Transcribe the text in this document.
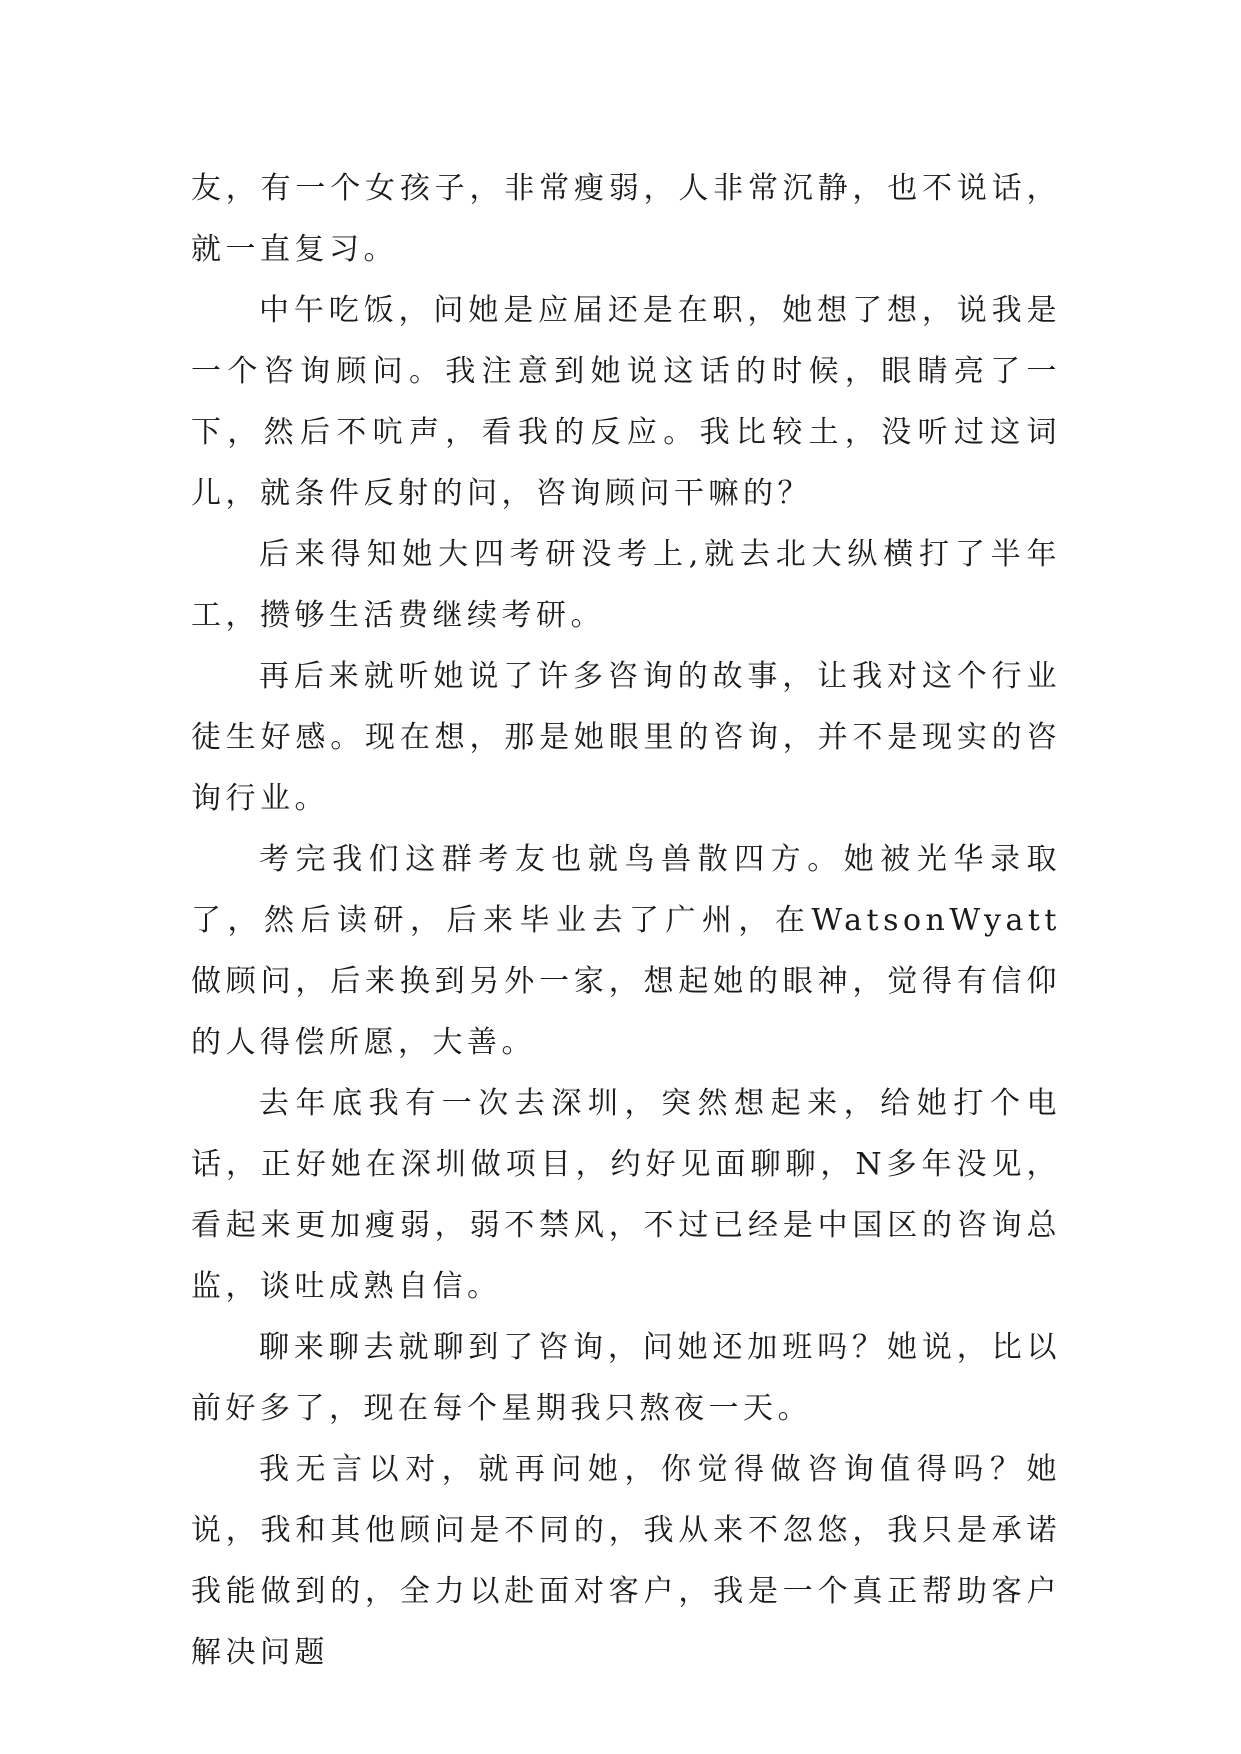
友，有一个女孩子，非常瘦弱，人非常沉静，也不说话，就一直复习。

中午吃饭，问她是应届还是在职，她想了想，说我是一个咨询顾问。我注意到她说这话的时候，眼睛亮了一下，然后不吭声，看我的反应。我比较土，没听过这词儿，就条件反射的问，咨询顾问干嘛的？

后来得知她大四考研没考上,就去北大纵横打了半年工，攒够生活费继续考研。

再后来就听她说了许多咨询的故事，让我对这个行业徒生好感。现在想，那是她眼里的咨询，并不是现实的咨询行业。

考完我们这群考友也就鸟兽散四方。她被光华录取了，然后读研，后来毕业去了广州，在WatsonWyatt做顾问，后来换到另外一家，想起她的眼神，觉得有信仰的人得偿所愿，大善。

去年底我有一次去深圳，突然想起来，给她打个电话，正好她在深圳做项目，约好见面聊聊，N多年没见，看起来更加瘦弱，弱不禁风，不过已经是中国区的咨询总监，谈吐成熟自信。

聊来聊去就聊到了咨询，问她还加班吗？她说，比以前好多了，现在每个星期我只熬夜一天。

我无言以对，就再问她，你觉得做咨询值得吗？她说，我和其他顾问是不同的，我从来不忽悠，我只是承诺我能做到的，全力以赴面对客户，我是一个真正帮助客户解决问题
